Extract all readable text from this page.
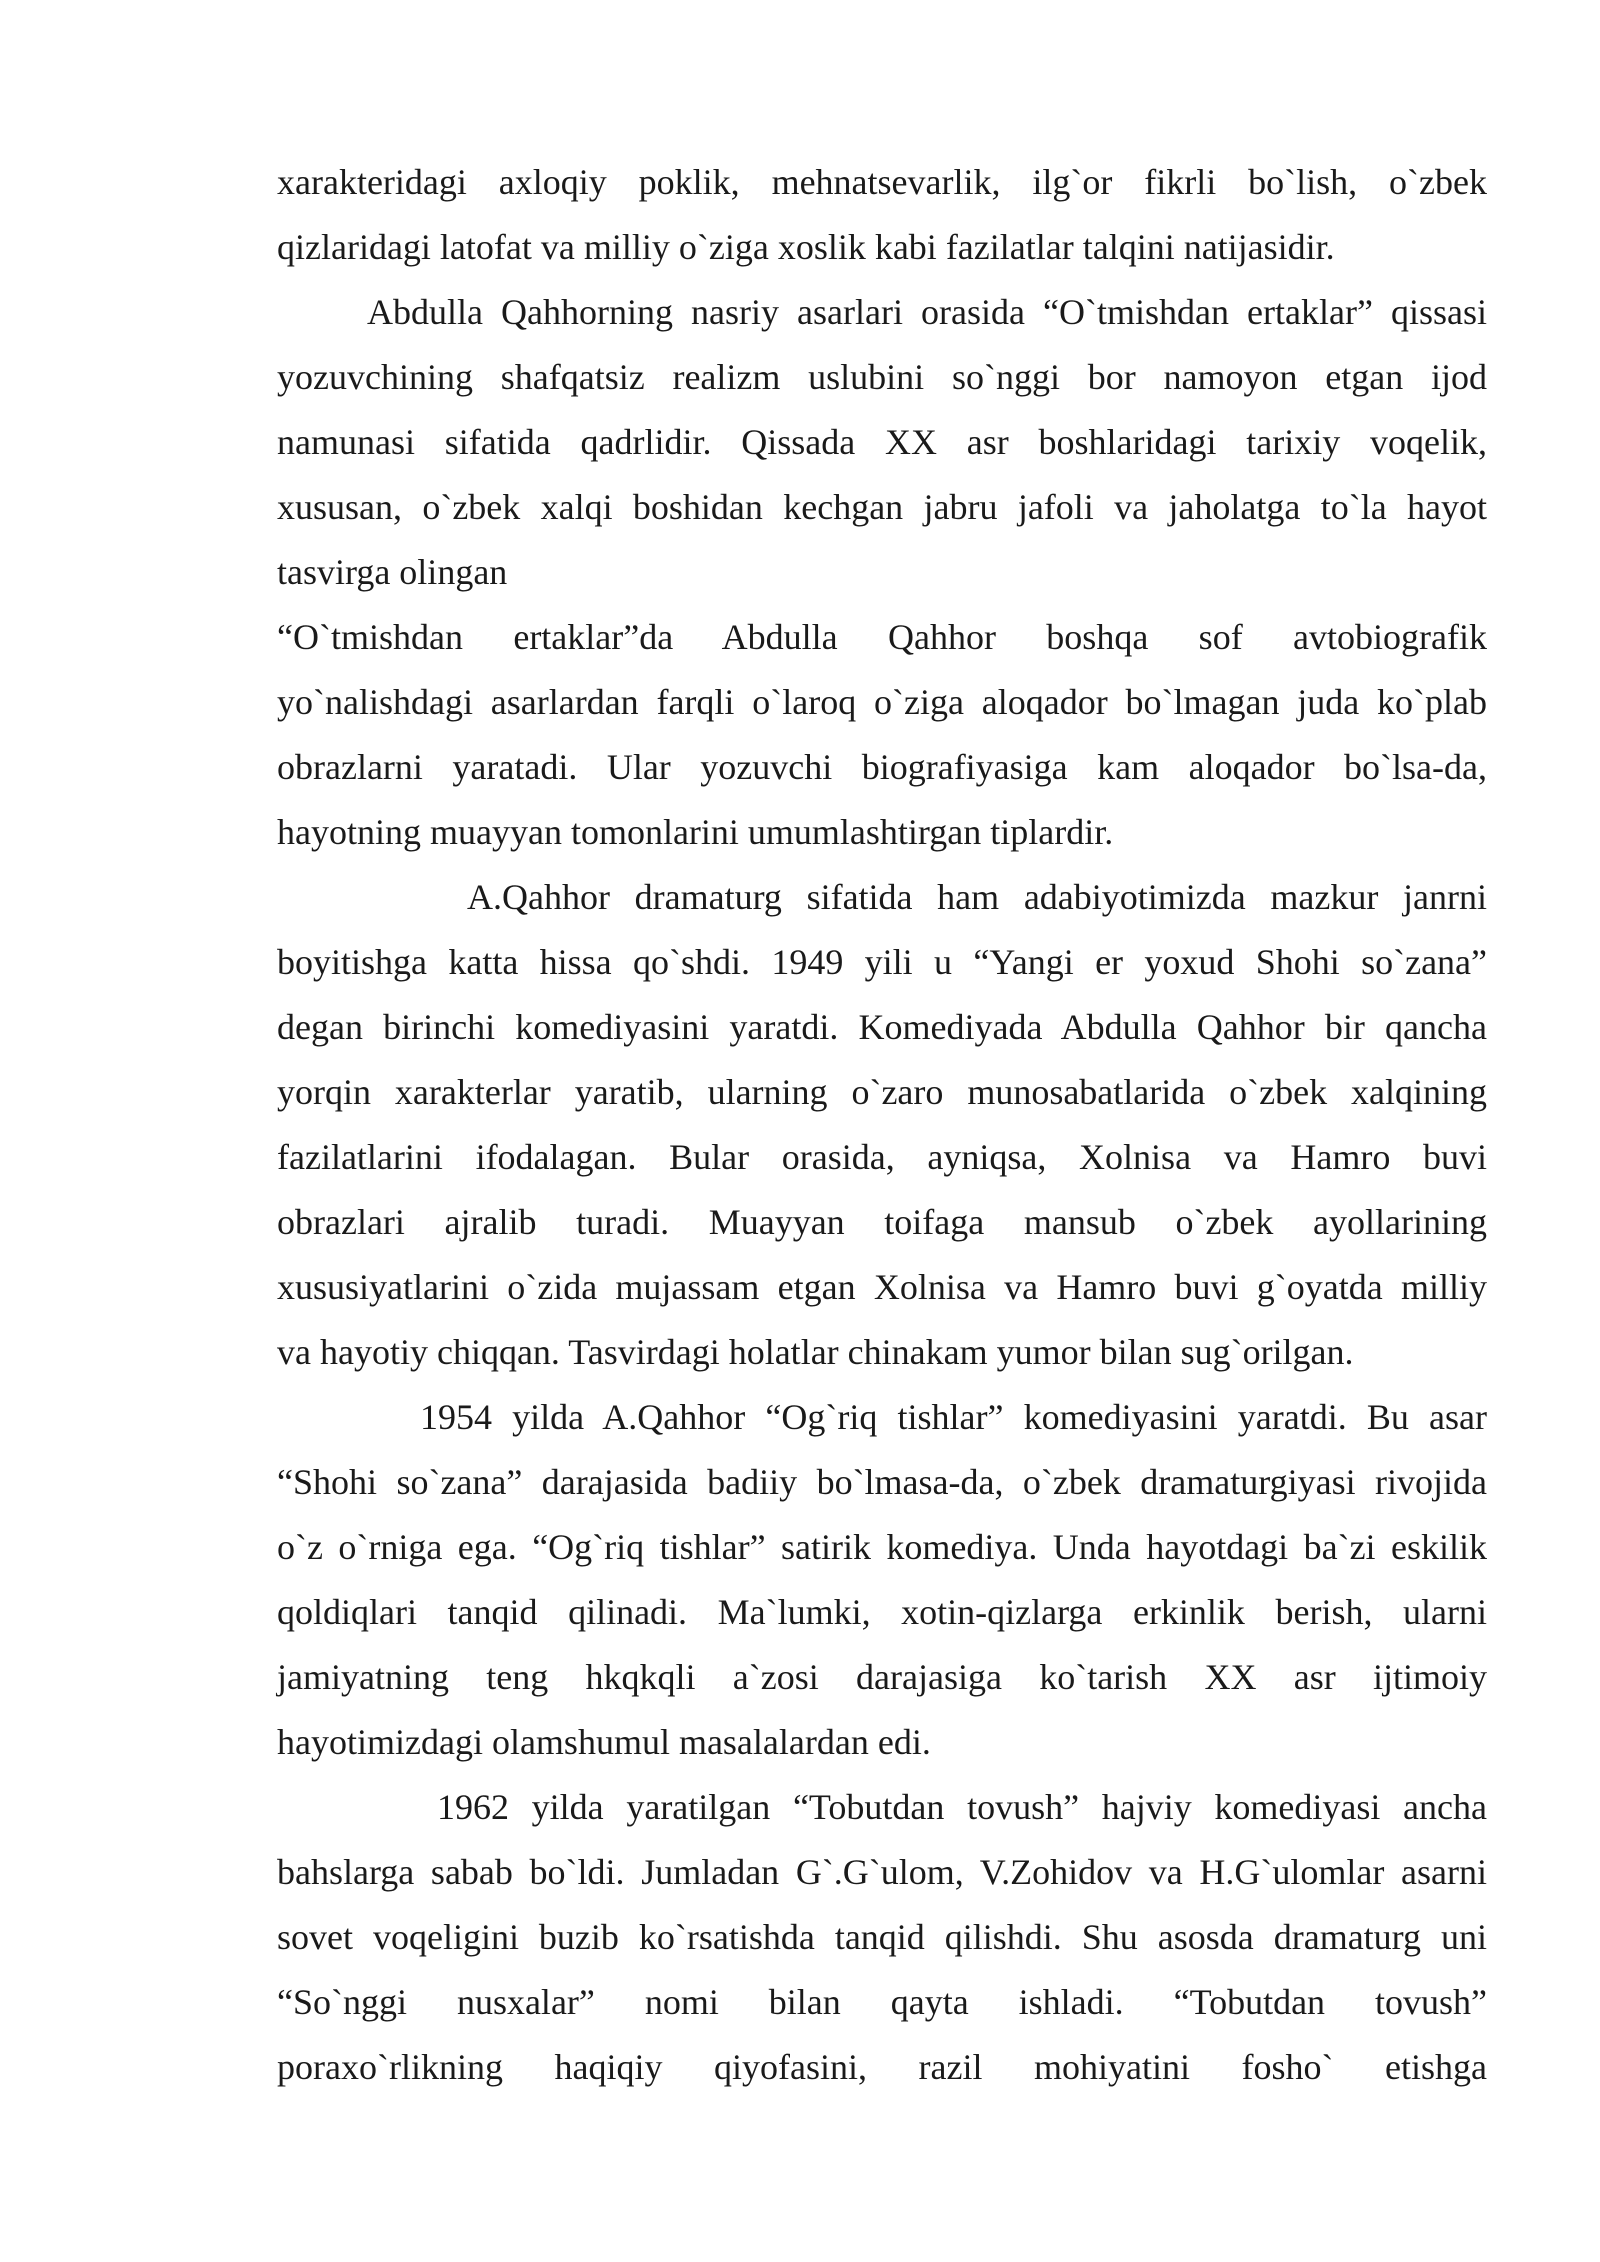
xarakteridagi axloqiy poklik, mehnatsevarlik, ilg`or fikrli bo`lish, o`zbek
qizlaridagi latofat va milliy o`ziga xoslik kabi fazilatlar talqini natijasidir.
Abdulla Qahhorning nasriy asarlari orasida “O`tmishdan ertaklar” qissasi
yozuvchining shafqatsiz realizm uslubini so`nggi bor namoyon etgan ijod
namunasi sifatida qadrlidir. Qissada XX asr boshlaridagi tarixiy voqelik,
xususan, o`zbek xalqi boshidan kechgan jabru jafoli va jaholatga to`la hayot
tasvirga olingan
“O`tmishdan ertaklar”da Abdulla Qahhor boshqa sof avtobiografik
yo`nalishdagi asarlardan farqli o`laroq o`ziga aloqador bo`lmagan juda ko`plab
obrazlarni yaratadi. Ular yozuvchi biografiyasiga kam aloqador bo`lsa-da,
hayotning muayyan tomonlarini umumlashtirgan tiplardir.
A.Qahhor dramaturg sifatida ham adabiyotimizda mazkur janrni
boyitishga katta hissa qo`shdi. 1949 yili u “Yangi er yoxud Shohi so`zana”
degan birinchi komediyasini yaratdi. Komediyada Abdulla Qahhor bir qancha
yorqin xarakterlar yaratib, ularning o`zaro munosabatlarida o`zbek xalqining
fazilatlarini ifodalagan. Bular orasida, ayniqsa, Xolnisa va Hamro buvi
obrazlari ajralib turadi. Muayyan toifaga mansub o`zbek ayollarining
xususiyatlarini o`zida mujassam etgan Xolnisa va Hamro buvi g`oyatda milliy
va hayotiy chiqqan. Tasvirdagi holatlar chinakam yumor bilan sug`orilgan.
1954 yilda A.Qahhor “Og`riq tishlar” komediyasini yaratdi. Bu asar
“Shohi so`zana” darajasida badiiy bo`lmasa-da, o`zbek dramaturgiyasi rivojida
o`z o`rniga ega. “Og`riq tishlar” satirik komediya. Unda hayotdagi ba`zi eskilik
qoldiqlari tanqid qilinadi. Ma`lumki, xotin-qizlarga erkinlik berish, ularni
jamiyatning teng hkqkqli a`zosi darajasiga ko`tarish XX asr ijtimoiy
hayotimizdagi olamshumul masalalardan edi.
1962 yilda yaratilgan “Tobutdan tovush” hajviy komediyasi ancha
bahslarga sabab bo`ldi. Jumladan G`.G`ulom, V.Zohidov va H.G`ulomlar asarni
sovet voqeligini buzib ko`rsatishda tanqid qilishdi. Shu asosda dramaturg uni
“So`nggi nusxalar” nomi bilan qayta ishladi. “Tobutdan tovush”
poraxo`rlikning haqiqiy qiyofasini, razil mohiyatini fosho` etishga
